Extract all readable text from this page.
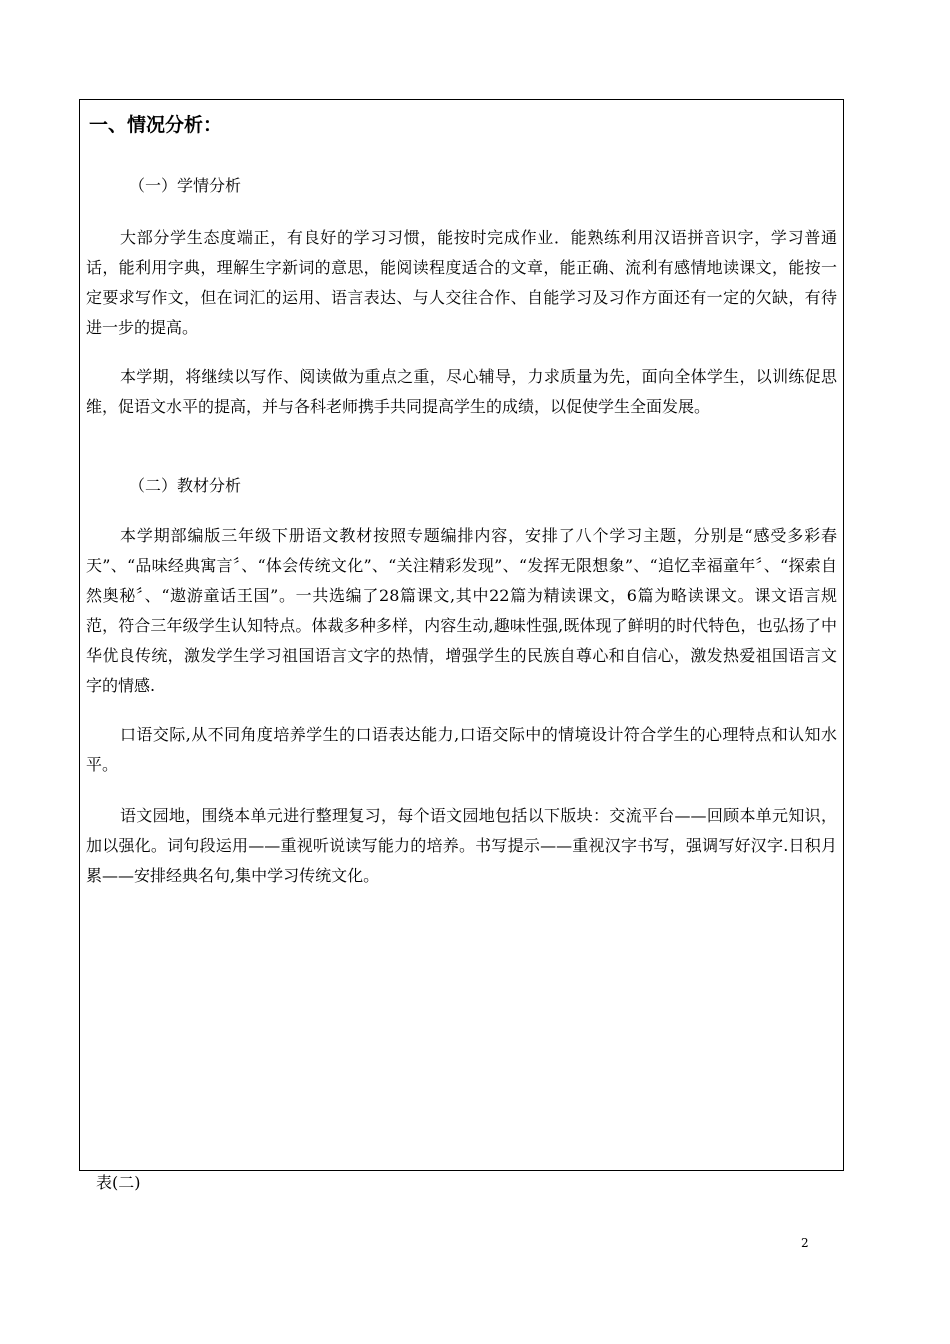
一、情况分析：
（一）学情分析

大部分学生态度端正，有良好的学习习惯，能按时完成作业．能熟练利用汉语拼音识字，学习普通话，能利用字典，理解生字新词的意思，能阅读程度适合的文章，能正确、流利有感情地读课文，能按一定要求写作文，但在词汇的运用、语言表达、与人交往合作、自能学习及习作方面还有一定的欠缺，有待进一步的提高。

本学期，将继续以写作、阅读做为重点之重，尽心辅导，力求质量为先，面向全体学生，以训练促思维，促语文水平的提高，并与各科老师携手共同提高学生的成绩，以促使学生全面发展。

（二）教材分析

本学期部编版三年级下册语文教材按照专题编排内容，安排了八个学习主题，分别是“感受多彩春天”、“品味经典寓言〞、“体会传统文化”、“关注精彩发现”、“发挥无限想象”、“追忆幸福童年〞、“探索自然奥秘〞、“遨游童话王国”。一共选编了28篇课文,其中22篇为精读课文，6篇为略读课文。课文语言规范，符合三年级学生认知特点。体裁多种多样，内容生动,趣味性强,既体现了鲜明的时代特色，也弘扬了中华优良传统，激发学生学习祖国语言文字的热情，增强学生的民族自尊心和自信心，激发热爱祖国语言文字的情感.

口语交际,从不同角度培养学生的口语表达能力,口语交际中的情境设计符合学生的心理特点和认知水平。

语文园地，围绕本单元进行整理复习，每个语文园地包括以下版块：交流平台——回顾本单元知识，加以强化。词句段运用——重视听说读写能力的培养。书写提示——重视汉字书写，强调写好汉字.日积月累——安排经典名句,集中学习传统文化。

表(二)
2
